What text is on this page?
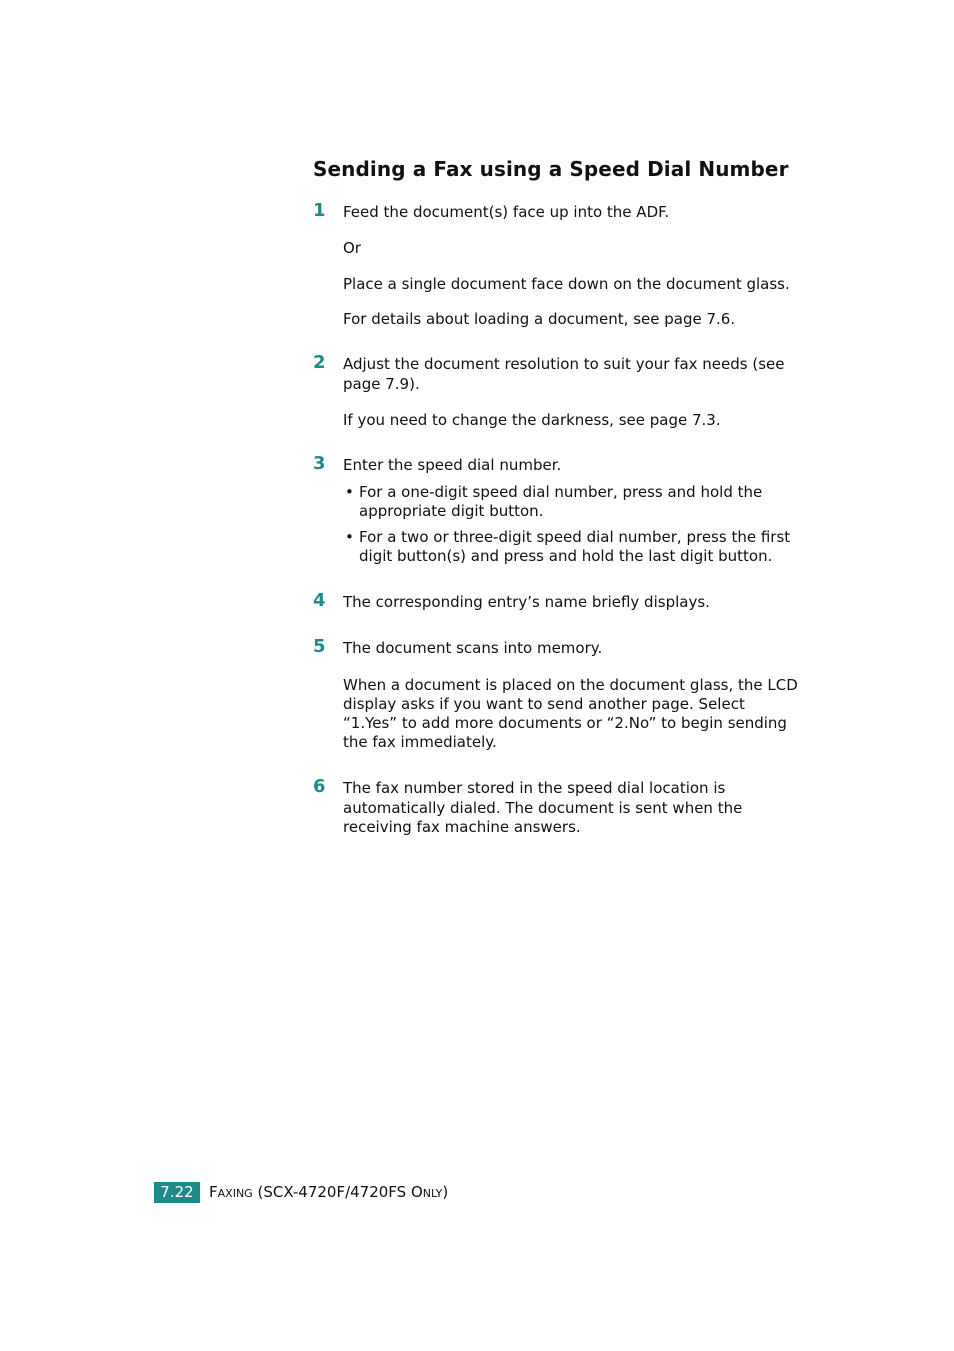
Sending a Fax using a Speed Dial Number
1 Feed the document(s) face up into the ADF.

Or

Place a single document face down on the document glass.

For details about loading a document, see page 7.6.

2 Adjust the document resolution to suit your fax needs (see page 7.9).

If you need to change the darkness, see page 7.3.

3 Enter the speed dial number.

• For a one-digit speed dial number, press and hold the appropriate digit button.
• For a two or three-digit speed dial number, press the first digit button(s) and press and hold the last digit button.
4 The corresponding entry’s name briefly displays.

5 The document scans into memory.

When a document is placed on the document glass, the LCD display asks if you want to send another page. Select “1.Yes” to add more documents or “2.No” to begin sending the fax immediately.

6 The fax number stored in the speed dial location is automatically dialed. The document is sent when the receiving fax machine answers.

7.22	FAXING (SCX-4720F/4720FS ONLY)
